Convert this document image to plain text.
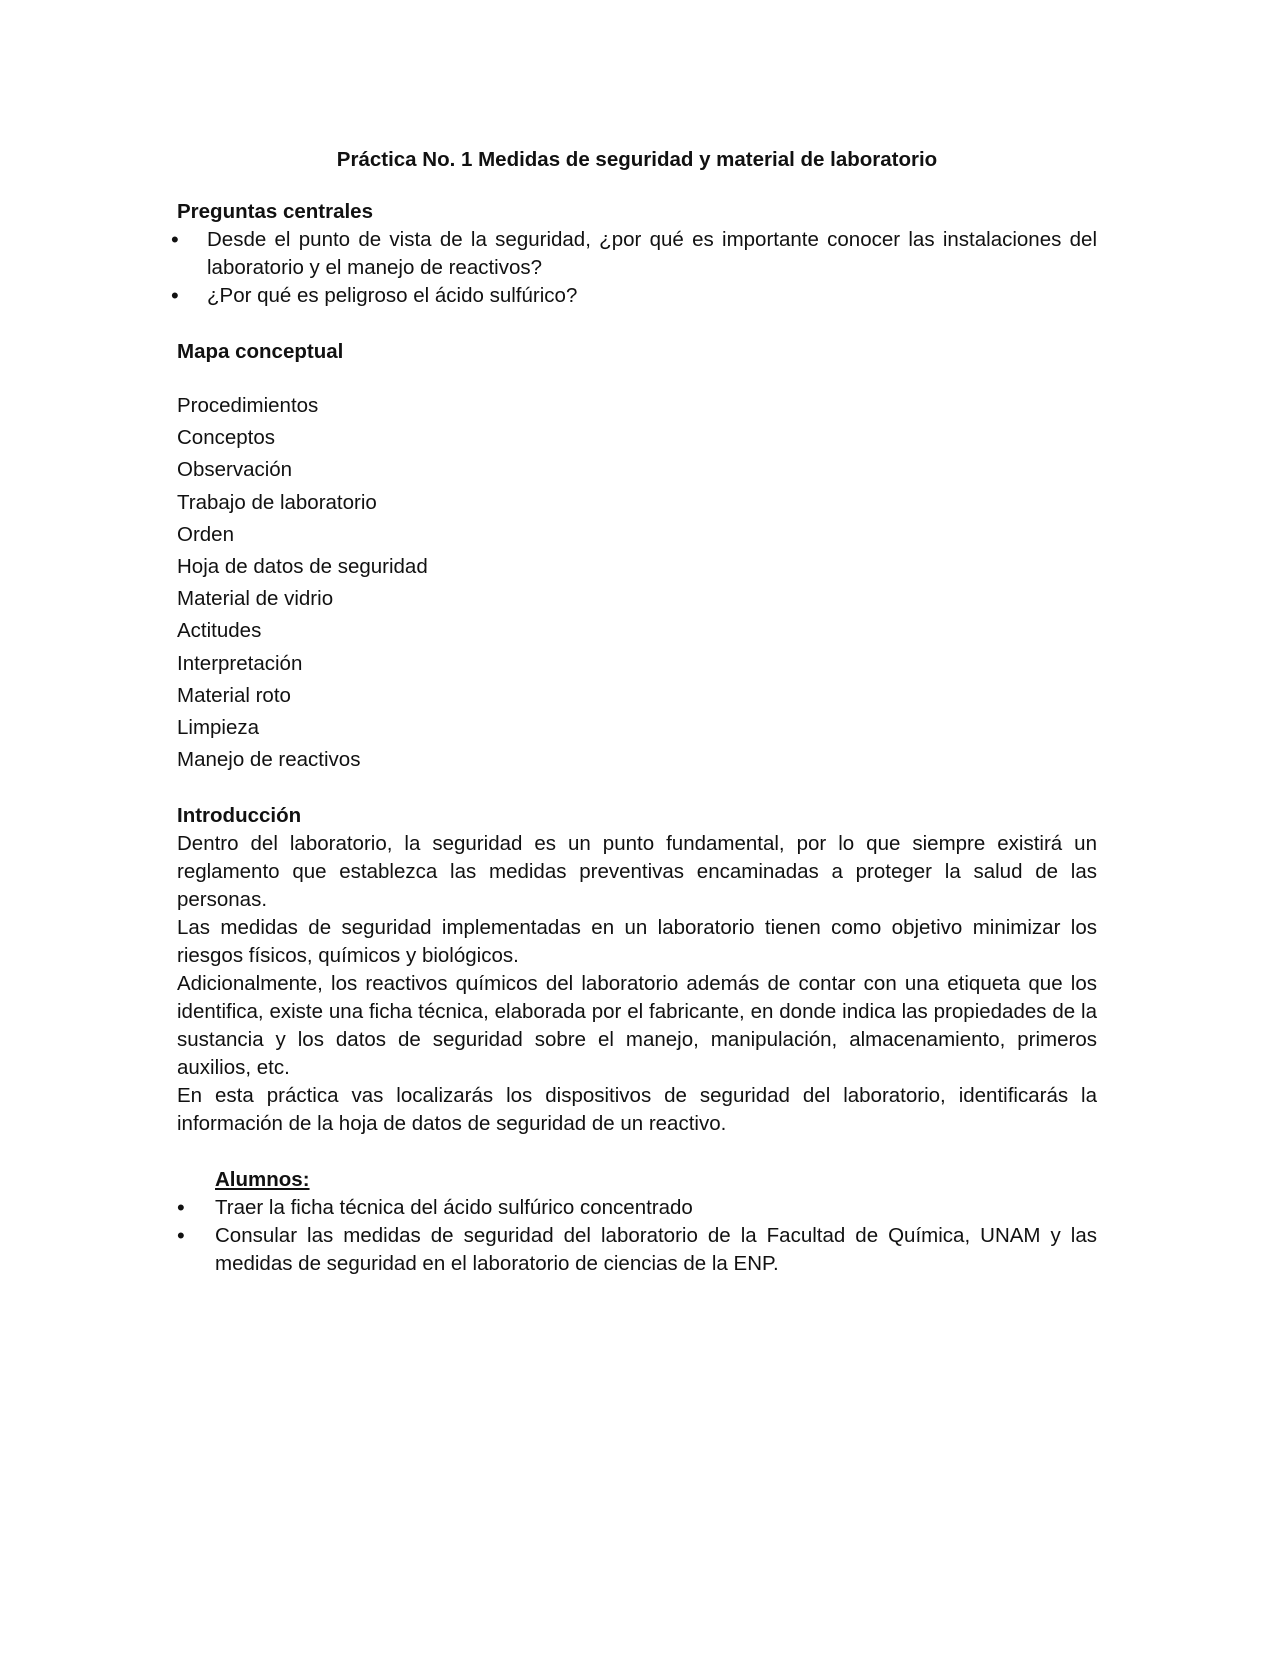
Práctica No. 1 Medidas de seguridad y material de laboratorio
Preguntas centrales
• Desde el punto de vista de la seguridad, ¿por qué es importante conocer las instalaciones del laboratorio y el manejo de reactivos?
• ¿Por qué es peligroso el ácido sulfúrico?
Mapa conceptual
Procedimientos
Conceptos
Observación
Trabajo de laboratorio
Orden
Hoja de datos de seguridad
Material de vidrio
Actitudes
Interpretación
Material roto
Limpieza
Manejo de reactivos
Introducción

Dentro del laboratorio, la seguridad es un punto fundamental, por lo que siempre existirá un reglamento que establezca las medidas preventivas encaminadas a proteger la salud de las personas.

Las medidas de seguridad implementadas en un laboratorio tienen como objetivo minimizar los riesgos físicos, químicos y biológicos.

Adicionalmente, los reactivos químicos del laboratorio además de contar con una etiqueta que los identifica, existe una ficha técnica, elaborada por el fabricante, en donde indica las propiedades de la sustancia y los datos de seguridad sobre el manejo, manipulación, almacenamiento, primeros auxilios, etc.

En esta práctica vas localizarás los dispositivos de seguridad del laboratorio, identificarás la información de la hoja de datos de seguridad de un reactivo.

Alumnos:
• Traer la ficha técnica del ácido sulfúrico concentrado
• Consular las medidas de seguridad del laboratorio de la Facultad de Química, UNAM y las medidas de seguridad en el laboratorio de ciencias de la ENP.
